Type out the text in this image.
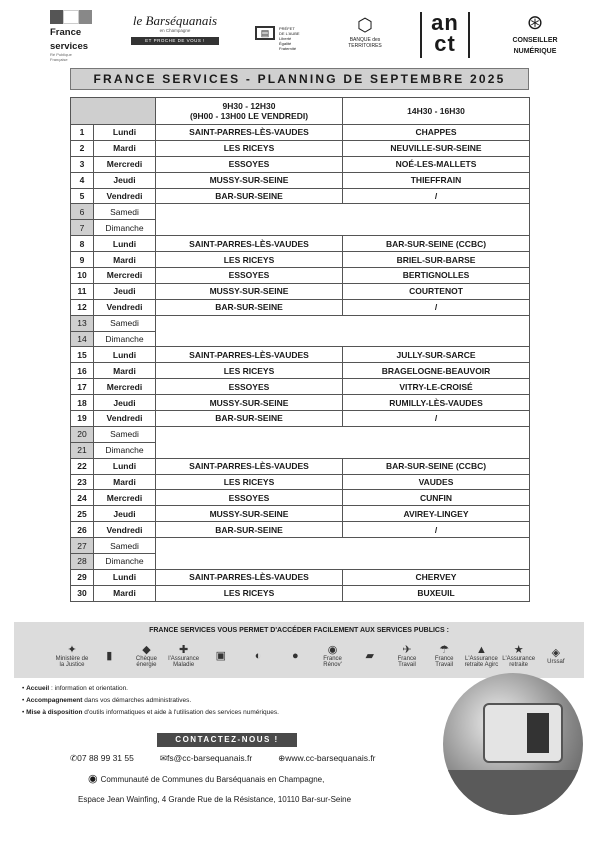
France
services
Ré Publique
Française
le Barséquanais
en Champagne
ET PROCHE DE VOUS !
▤	PRÉFET
DE L'AUBE
Liberté
Égalité
Fraternité
⬡
BANQUE des
TERRITOIRES
an
ct
⊛
CONSEILLER
NUMÉRIQUE
FRANCE SERVICES - PLANNING DE SEPTEMBRE 2025

		9H30 - 12H30
(9H00 - 13H00 LE VENDREDI)	14H30 - 16H30
1	Lundi	SAINT-PARRES-LÈS-VAUDES	CHAPPES
2	Mardi	LES RICEYS	NEUVILLE-SUR-SEINE
3	Mercredi	ESSOYES	NOÉ-LES-MALLETS
4	Jeudi	MUSSY-SUR-SEINE	THIEFFRAIN
5	Vendredi	BAR-SUR-SEINE	/
6	Samedi		
7	Dimanche		
8	Lundi	SAINT-PARRES-LÈS-VAUDES	BAR-SUR-SEINE (CCBC)
9	Mardi	LES RICEYS	BRIEL-SUR-BARSE
10	Mercredi	ESSOYES	BERTIGNOLLES
11	Jeudi	MUSSY-SUR-SEINE	COURTENOT
12	Vendredi	BAR-SUR-SEINE	/
13	Samedi		
14	Dimanche		
15	Lundi	SAINT-PARRES-LÈS-VAUDES	JULLY-SUR-SARCE
16	Mardi	LES RICEYS	BRAGELOGNE-BEAUVOIR
17	Mercredi	ESSOYES	VITRY-LE-CROISÉ
18	Jeudi	MUSSY-SUR-SEINE	RUMILLY-LÈS-VAUDES
19	Vendredi	BAR-SUR-SEINE	/
20	Samedi		
21	Dimanche		
22	Lundi	SAINT-PARRES-LÈS-VAUDES	BAR-SUR-SEINE (CCBC)
23	Mardi	LES RICEYS	VAUDES
24	Mercredi	ESSOYES	CUNFIN
25	Jeudi	MUSSY-SUR-SEINE	AVIREY-LINGEY
26	Vendredi	BAR-SUR-SEINE	/
27	Samedi		
28	Dimanche		
29	Lundi	SAINT-PARRES-LÈS-VAUDES	CHERVEY
30	Mardi	LES RICEYS	BUXEUIL
FRANCE SERVICES VOUS PERMET D'ACCÉDER FACILEMENT AUX SERVICES PUBLICS :
✦
Ministère de la Justice
▮	◆
Chèque énergie
✚
l'Assurance Maladie
▣	◐	●	◉
France Rénov'
▰	✈
France Travail
☂
France Travail
▲
L'Assurance retraite Agirc
★
L'Assurance retraite
◈
Urssaf
• Accueil : information et orientation.
• Accompagnement dans vos démarches administratives.
• Mise à disposition d'outils informatiques et aide à l'utilisation des services numériques.
CONTACTEZ-NOUS !
✆07 88 99 31 55	✉fs@cc-barsequanais.fr	⊕www.cc-barsequanais.fr
◉ Communauté de Communes du Barséquanais en Champagne,
Espace Jean Wainfing, 4 Grande Rue de la Résistance, 10110 Bar-sur-Seine
